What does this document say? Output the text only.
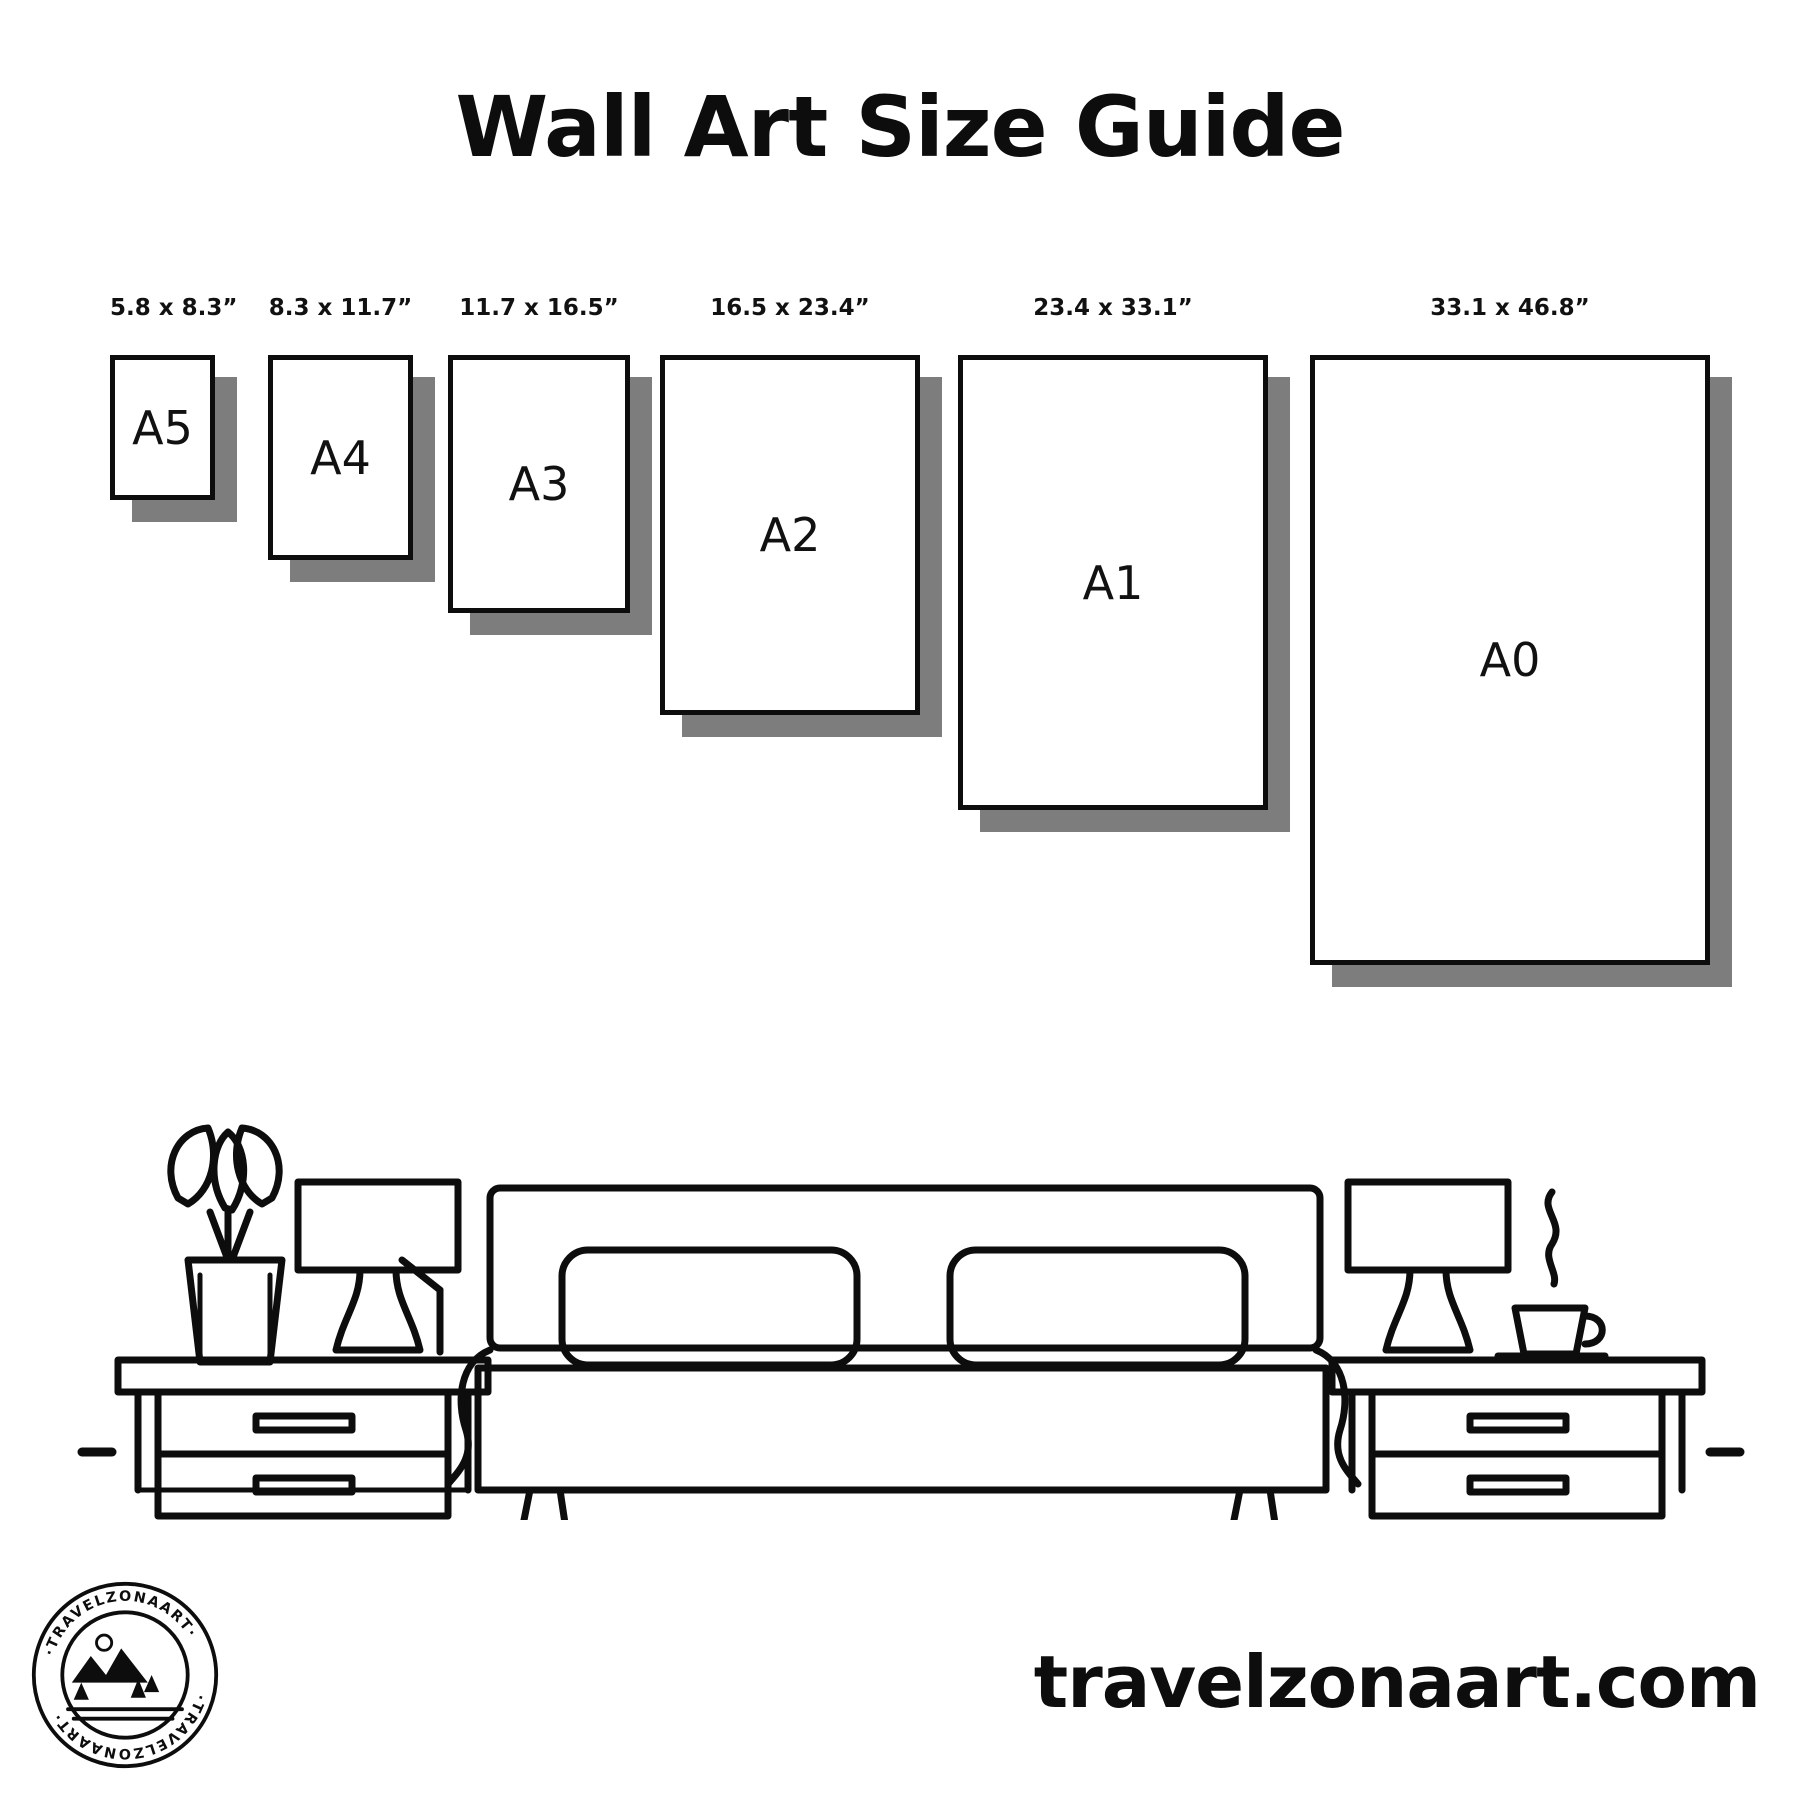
Wall Art Size Guide
5.8 x 8.3”
A5
8.3 x 11.7”
A4
11.7 x 16.5”
A3
16.5 x 23.4”
A2
23.4 x 33.1”
A1
33.1 x 46.8”
A0
·TRAVELZONAART·
·TRAVELZONAART·	travelzonaart.com
